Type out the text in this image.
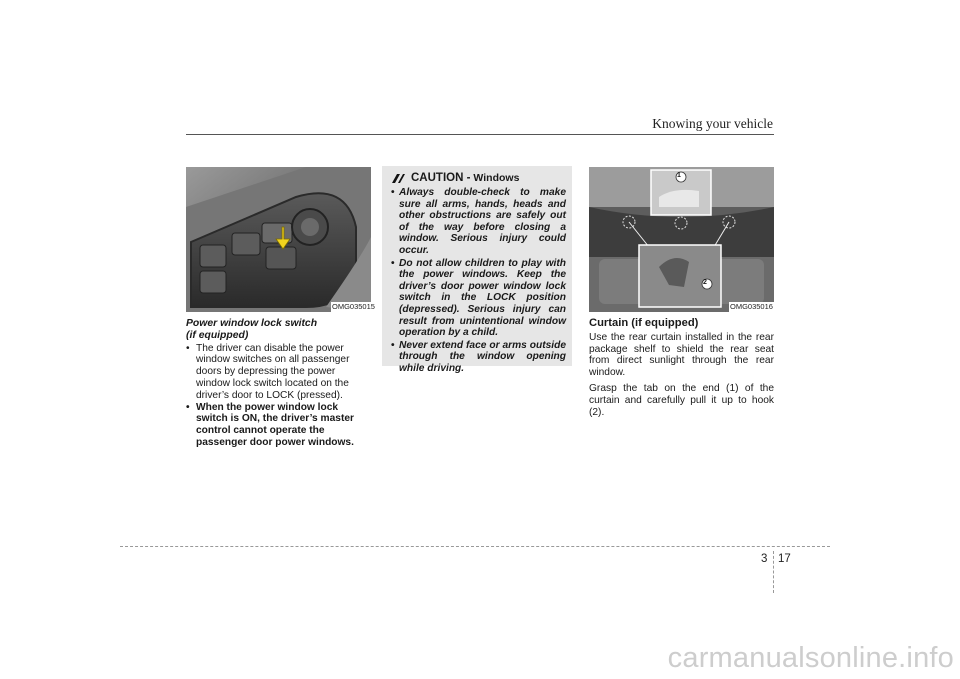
Knowing your vehicle
OMG035015
Power window lock switch
(if equipped)
• The driver can disable the power window switches on all passenger doors by depressing the power window lock switch located on the driver’s door to LOCK (pressed).
• When the power window lock switch is ON, the driver’s master control cannot operate the passenger door power windows.
CAUTION - Windows
• Always double-check to make sure all arms, hands, heads and other obstructions are safely out of the way before closing a window. Serious injury could occur.
• Do not allow children to play with the power windows. Keep the driver’s door power window lock switch in the LOCK position (depressed). Serious injury can result from unintentional window operation by a child.
• Never extend face or arms outside through the window opening while driving.
1
2
OMG035016
Curtain (if equipped)

Use the rear curtain installed in the rear package shelf to shield the rear seat from direct sunlight through the rear window.

Grasp the tab on the end (1) of the curtain and carefully pull it up to hook (2).

3 17
carmanualsonline.info
